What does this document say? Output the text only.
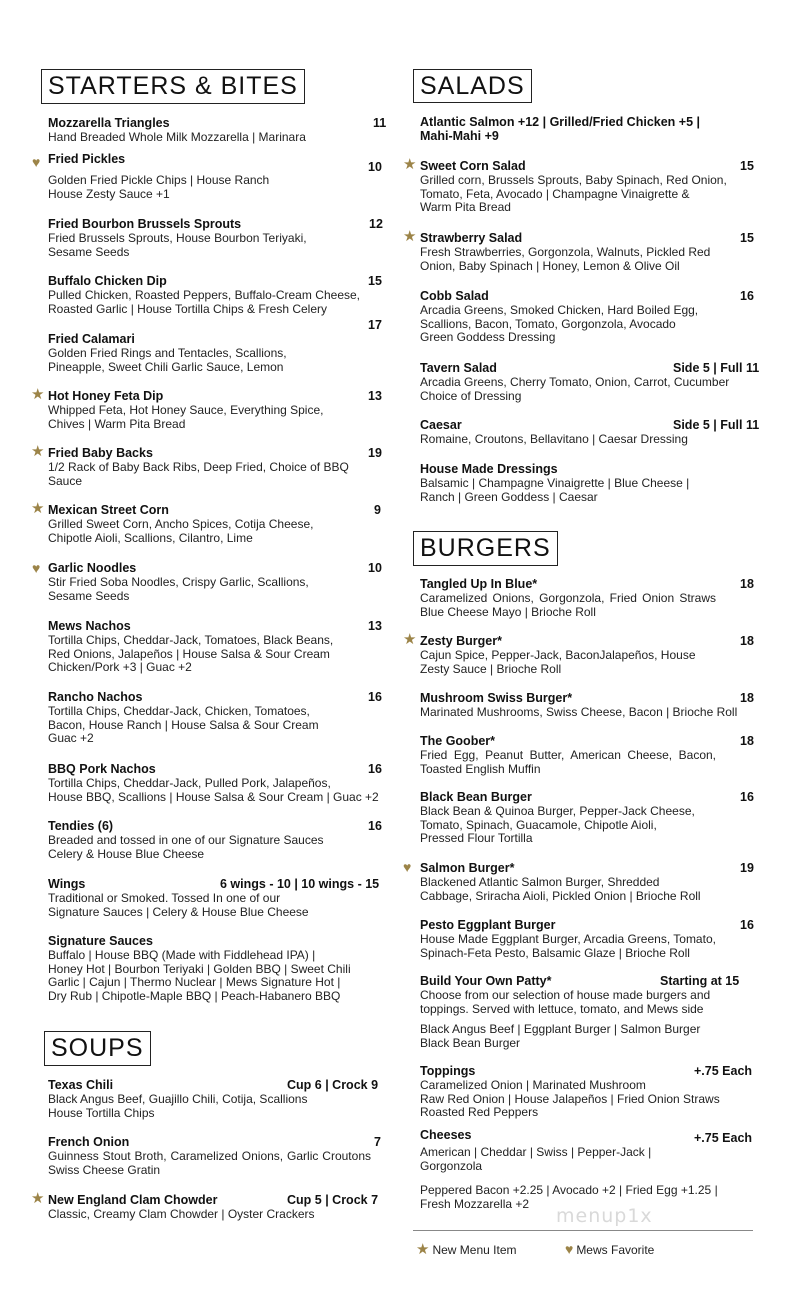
STARTERS & BITES
Mozzarella Triangles
Hand Breaded Whole Milk Mozzarella | Marinara
11
♥ Fried Pickles
Golden Fried Pickle Chips | House Ranch
House Zesty Sauce +1
10
Fried Bourbon Brussels Sprouts
Fried Brussels Sprouts, House Bourbon Teriyaki,
Sesame Seeds
12
Buffalo Chicken Dip
Pulled Chicken, Roasted Peppers, Buffalo-Cream Cheese, Roasted Garlic | House Tortilla Chips & Fresh Celery
15
17
Fried Calamari
Golden Fried Rings and Tentacles, Scallions,
Pineapple, Sweet Chili Garlic Sauce, Lemon
★ Hot Honey Feta Dip
Whipped Feta, Hot Honey Sauce, Everything Spice,
Chives | Warm Pita Bread
13
★ Fried Baby Backs
1/2 Rack of Baby Back Ribs, Deep Fried, Choice of BBQ
Sauce
19
★ Mexican Street Corn
Grilled Sweet Corn, Ancho Spices, Cotija Cheese,
Chipotle Aioli, Scallions, Cilantro, Lime
9
♥ Garlic Noodles
Stir Fried Soba Noodles, Crispy Garlic, Scallions,
Sesame Seeds
10
Mews Nachos
Tortilla Chips, Cheddar-Jack, Tomatoes, Black Beans,
Red Onions, Jalapeños | House Salsa & Sour Cream
Chicken/Pork +3 | Guac +2
13
Rancho Nachos
Tortilla Chips, Cheddar-Jack, Chicken, Tomatoes,
Bacon, House Ranch | House Salsa & Sour Cream
Guac +2
16
BBQ Pork Nachos
Tortilla Chips, Cheddar-Jack, Pulled Pork, Jalapeños,
House BBQ, Scallions | House Salsa & Sour Cream | Guac +2
16
Tendies (6)
Breaded and tossed in one of our Signature Sauces
Celery & House Blue Cheese
16
Wings
Traditional or Smoked. Tossed In one of our
Signature Sauces | Celery & House Blue Cheese
6 wings - 10 | 10 wings - 15
Signature Sauces
Buffalo | House BBQ (Made with Fiddlehead IPA) |
Honey Hot | Bourbon Teriyaki | Golden BBQ | Sweet Chili
Garlic | Cajun | Thermo Nuclear | Mews Signature Hot |
Dry Rub | Chipotle-Maple BBQ | Peach-Habanero BBQ
SOUPS
Texas Chili
Black Angus Beef, Guajillo Chili, Cotija, Scallions
House Tortilla Chips
Cup 6 | Crock 9
French Onion
Guinness Stout Broth, Caramelized Onions, Garlic Croutons Swiss Cheese Gratin
7
★ New England Clam Chowder
Classic, Creamy Clam Chowder | Oyster Crackers
Cup 5 | Crock 7
SALADS
Atlantic Salmon +12 | Grilled/Fried Chicken +5 |
Mahi-Mahi +9
★ Sweet Corn Salad
Grilled corn, Brussels Sprouts, Baby Spinach, Red Onion,
Tomato, Feta, Avocado | Champagne Vinaigrette &
Warm Pita Bread
15
★ Strawberry Salad
Fresh Strawberries, Gorgonzola, Walnuts, Pickled Red
Onion, Baby Spinach | Honey, Lemon & Olive Oil
15
Cobb Salad
Arcadia Greens, Smoked Chicken, Hard Boiled Egg,
Scallions, Bacon, Tomato, Gorgonzola, Avocado
Green Goddess Dressing
16
Tavern Salad
Arcadia Greens, Cherry Tomato, Onion, Carrot, Cucumber
Choice of Dressing
Side 5 | Full 11
Caesar
Romaine, Croutons, Bellavitano | Caesar Dressing
Side 5 | Full 11
House Made Dressings
Balsamic | Champagne Vinaigrette | Blue Cheese |
Ranch | Green Goddess | Caesar
BURGERS
Tangled Up In Blue*
Caramelized Onions, Gorgonzola, Fried Onion Straws Blue Cheese Mayo | Brioche Roll
18
★ Zesty Burger*
Cajun Spice, Pepper-Jack, BaconJalapeños, House
Zesty Sauce | Brioche Roll
18
Mushroom Swiss Burger*
Marinated Mushrooms, Swiss Cheese, Bacon | Brioche Roll
18
The Goober*
Fried Egg, Peanut Butter, American Cheese, Bacon, Toasted English Muffin
18
Black Bean Burger
Black Bean & Quinoa Burger, Pepper-Jack Cheese,
Tomato, Spinach, Guacamole, Chipotle Aioli,
Pressed Flour Tortilla
16
♥ Salmon Burger*
Blackened Atlantic Salmon Burger, Shredded
Cabbage, Sriracha Aioli, Pickled Onion | Brioche Roll
19
Pesto Eggplant Burger
House Made Eggplant Burger, Arcadia Greens, Tomato,
Spinach-Feta Pesto, Balsamic Glaze | Brioche Roll
16
Build Your Own Patty*
Choose from our selection of house made burgers and
toppings. Served with lettuce, tomato, and Mews side
Starting at 15
Black Angus Beef | Eggplant Burger | Salmon Burger
Black Bean Burger
Toppings
Caramelized Onion | Marinated Mushroom
Raw Red Onion | House Jalapeños | Fried Onion Straws
Roasted Red Peppers
+.75 Each
Cheeses
American | Cheddar | Swiss | Pepper-Jack |
Gorgonzola
+.75 Each
Peppered Bacon +2.25 | Avocado +2 | Fried Egg +1.25 |
Fresh Mozzarella +2
menup1x
★ New Menu Item	♥ Mews Favorite
